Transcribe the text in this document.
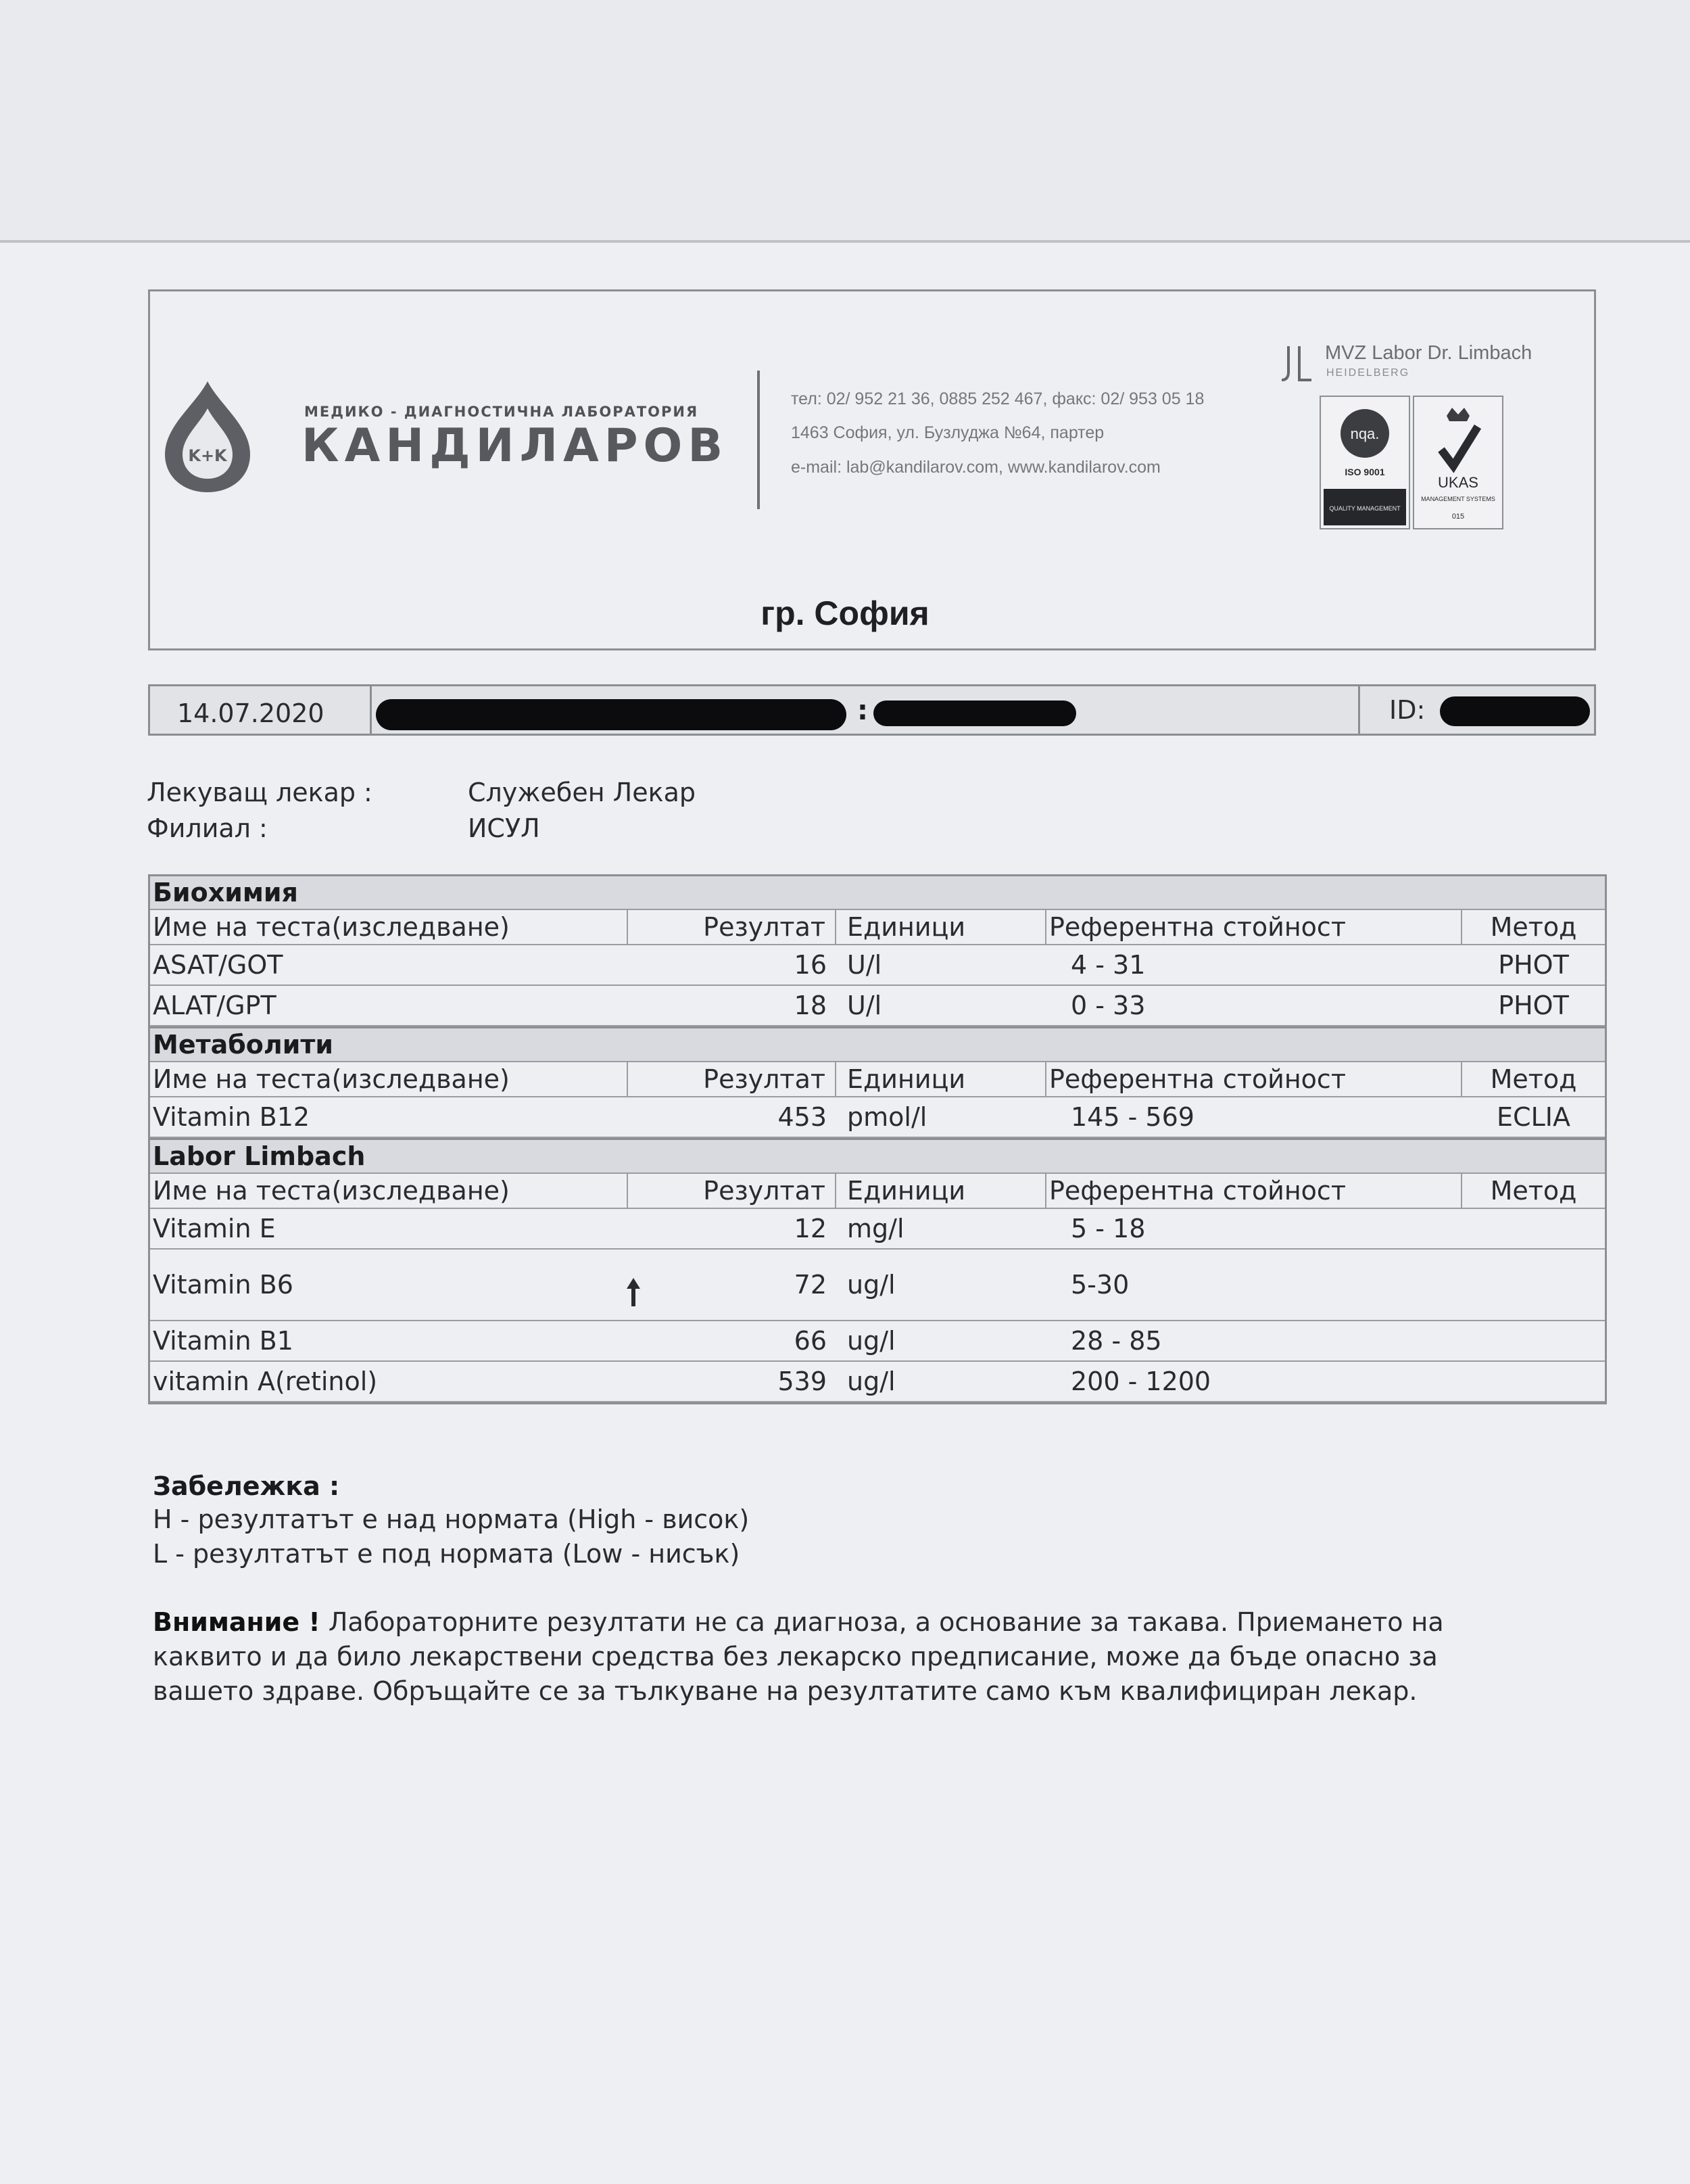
K+K
МЕДИКО - ДИАГНОСТИЧНА ЛАБОРАТОРИЯ
КАНДИЛАРОВ
тел: 02/ 952 21 36, 0885 252 467, факс: 02/ 953 05 18
1463 София, ул. Бузлуджа №64, партер
e-mail: lab@kandilarov.com, www.kandilarov.com
MVZ Labor Dr. Limbach
HEIDELBERG
nqa.
ISO 9001
QUALITY MANAGEMENT
UKAS
MANAGEMENT SYSTEMS
015
гр. София
14.07.2020	:	ID:
Лекуващ лекар :	Служебен Лекар
Филиал :	ИСУЛ
Биохимия
Име на теста(изследване)	Резултат Единици	Референтна стойност	Метод
ASAT/GOT	16 U/l	4 - 31	PHOT
ALAT/GPT	18 U/l	0 - 33	PHOT
Метаболити
Име на теста(изследване)	Резултат Единици	Референтна стойност	Метод
Vitamin B12	453 pmol/l	145 - 569	ECLIA
Labor Limbach
Име на теста(изследване)	Резултат Единици	Референтна стойност	Метод
Vitamin E	12 mg/l	5 - 18
Vitamin B6	72 ug/l	5-30
Vitamin B1	66 ug/l	28 - 85
vitamin A(retinol)	539 ug/l	200 - 1200
Забележка :
H - резултатът е над нормата (High - висок)
L - резултатът е под нормата (Low - нисък)
Внимание ! Лабораторните резултати не са диагноза, а основание за такава. Приемането на каквито и да било лекарствени средства без лекарско предписание, може да бъде опасно за вашето здраве. Обръщайте се за тълкуване на резултатите само към квалифициран лекар.
